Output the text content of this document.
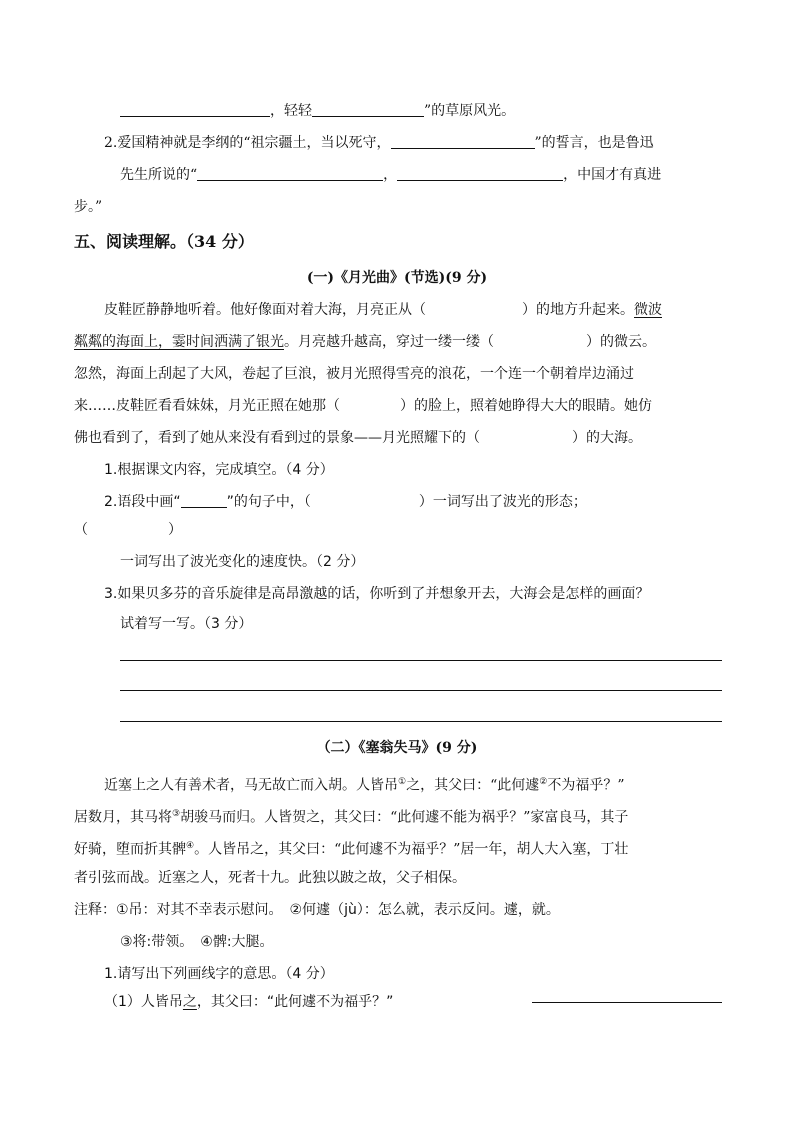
，轻轻	”的草原风光。
2.爱国精神就是李纲的“祖宗疆土，当以死守，	”的誓言，也是鲁迅
先生所说的“	，	，中国才有真进
步。”
五、阅读理解。（34 分）
(一)《月光曲》(节选)(9 分)
皮鞋匠静静地听着。他好像面对着大海，月亮正从（	）的地方升起来。微波
粼粼的海面上，霎时间洒满了银光。月亮越升越高，穿过一缕一缕（	）的微云。
忽然，海面上刮起了大风，卷起了巨浪，被月光照得雪亮的浪花，一个连一个朝着岸边涌过
来……皮鞋匠看看妹妹，月光正照在她那（	）的脸上，照着她睁得大大的眼睛。她仿
佛也看到了，看到了她从来没有看到过的景象——月光照耀下的（	）的大海。
1.根据课文内容，完成填空。（4 分）
2.语段中画“	”的句子中，（	）一词写出了波光的形态；
（	）
一词写出了波光变化的速度快。（2 分）
3.如果贝多芬的音乐旋律是高昂激越的话，你听到了并想象开去，大海会是怎样的画面？
试着写一写。（3 分）
（二）《塞翁失马》(9 分)
近塞上之人有善术者，马无故亡而入胡。人皆吊①之，其父曰：“此何遽②不为福乎？”
居数月，其马将③胡骏马而归。人皆贺之，其父曰：“此何遽不能为祸乎？”家富良马，其子
好骑，堕而折其髀④。人皆吊之，其父曰：“此何遽不为福乎？”居一年，胡人大入塞，丁壮
者引弦而战。近塞之人，死者十九。此独以跛之故，父子相保。
注释：①吊：对其不幸表示慰问。　②何遽（jù）：怎么就，表示反问。遽，就。
③将:带领。　④髀:大腿。
1.请写出下列画线字的意思。（4 分）
（1）人皆吊之，其父曰：“此何遽不为福乎？”
